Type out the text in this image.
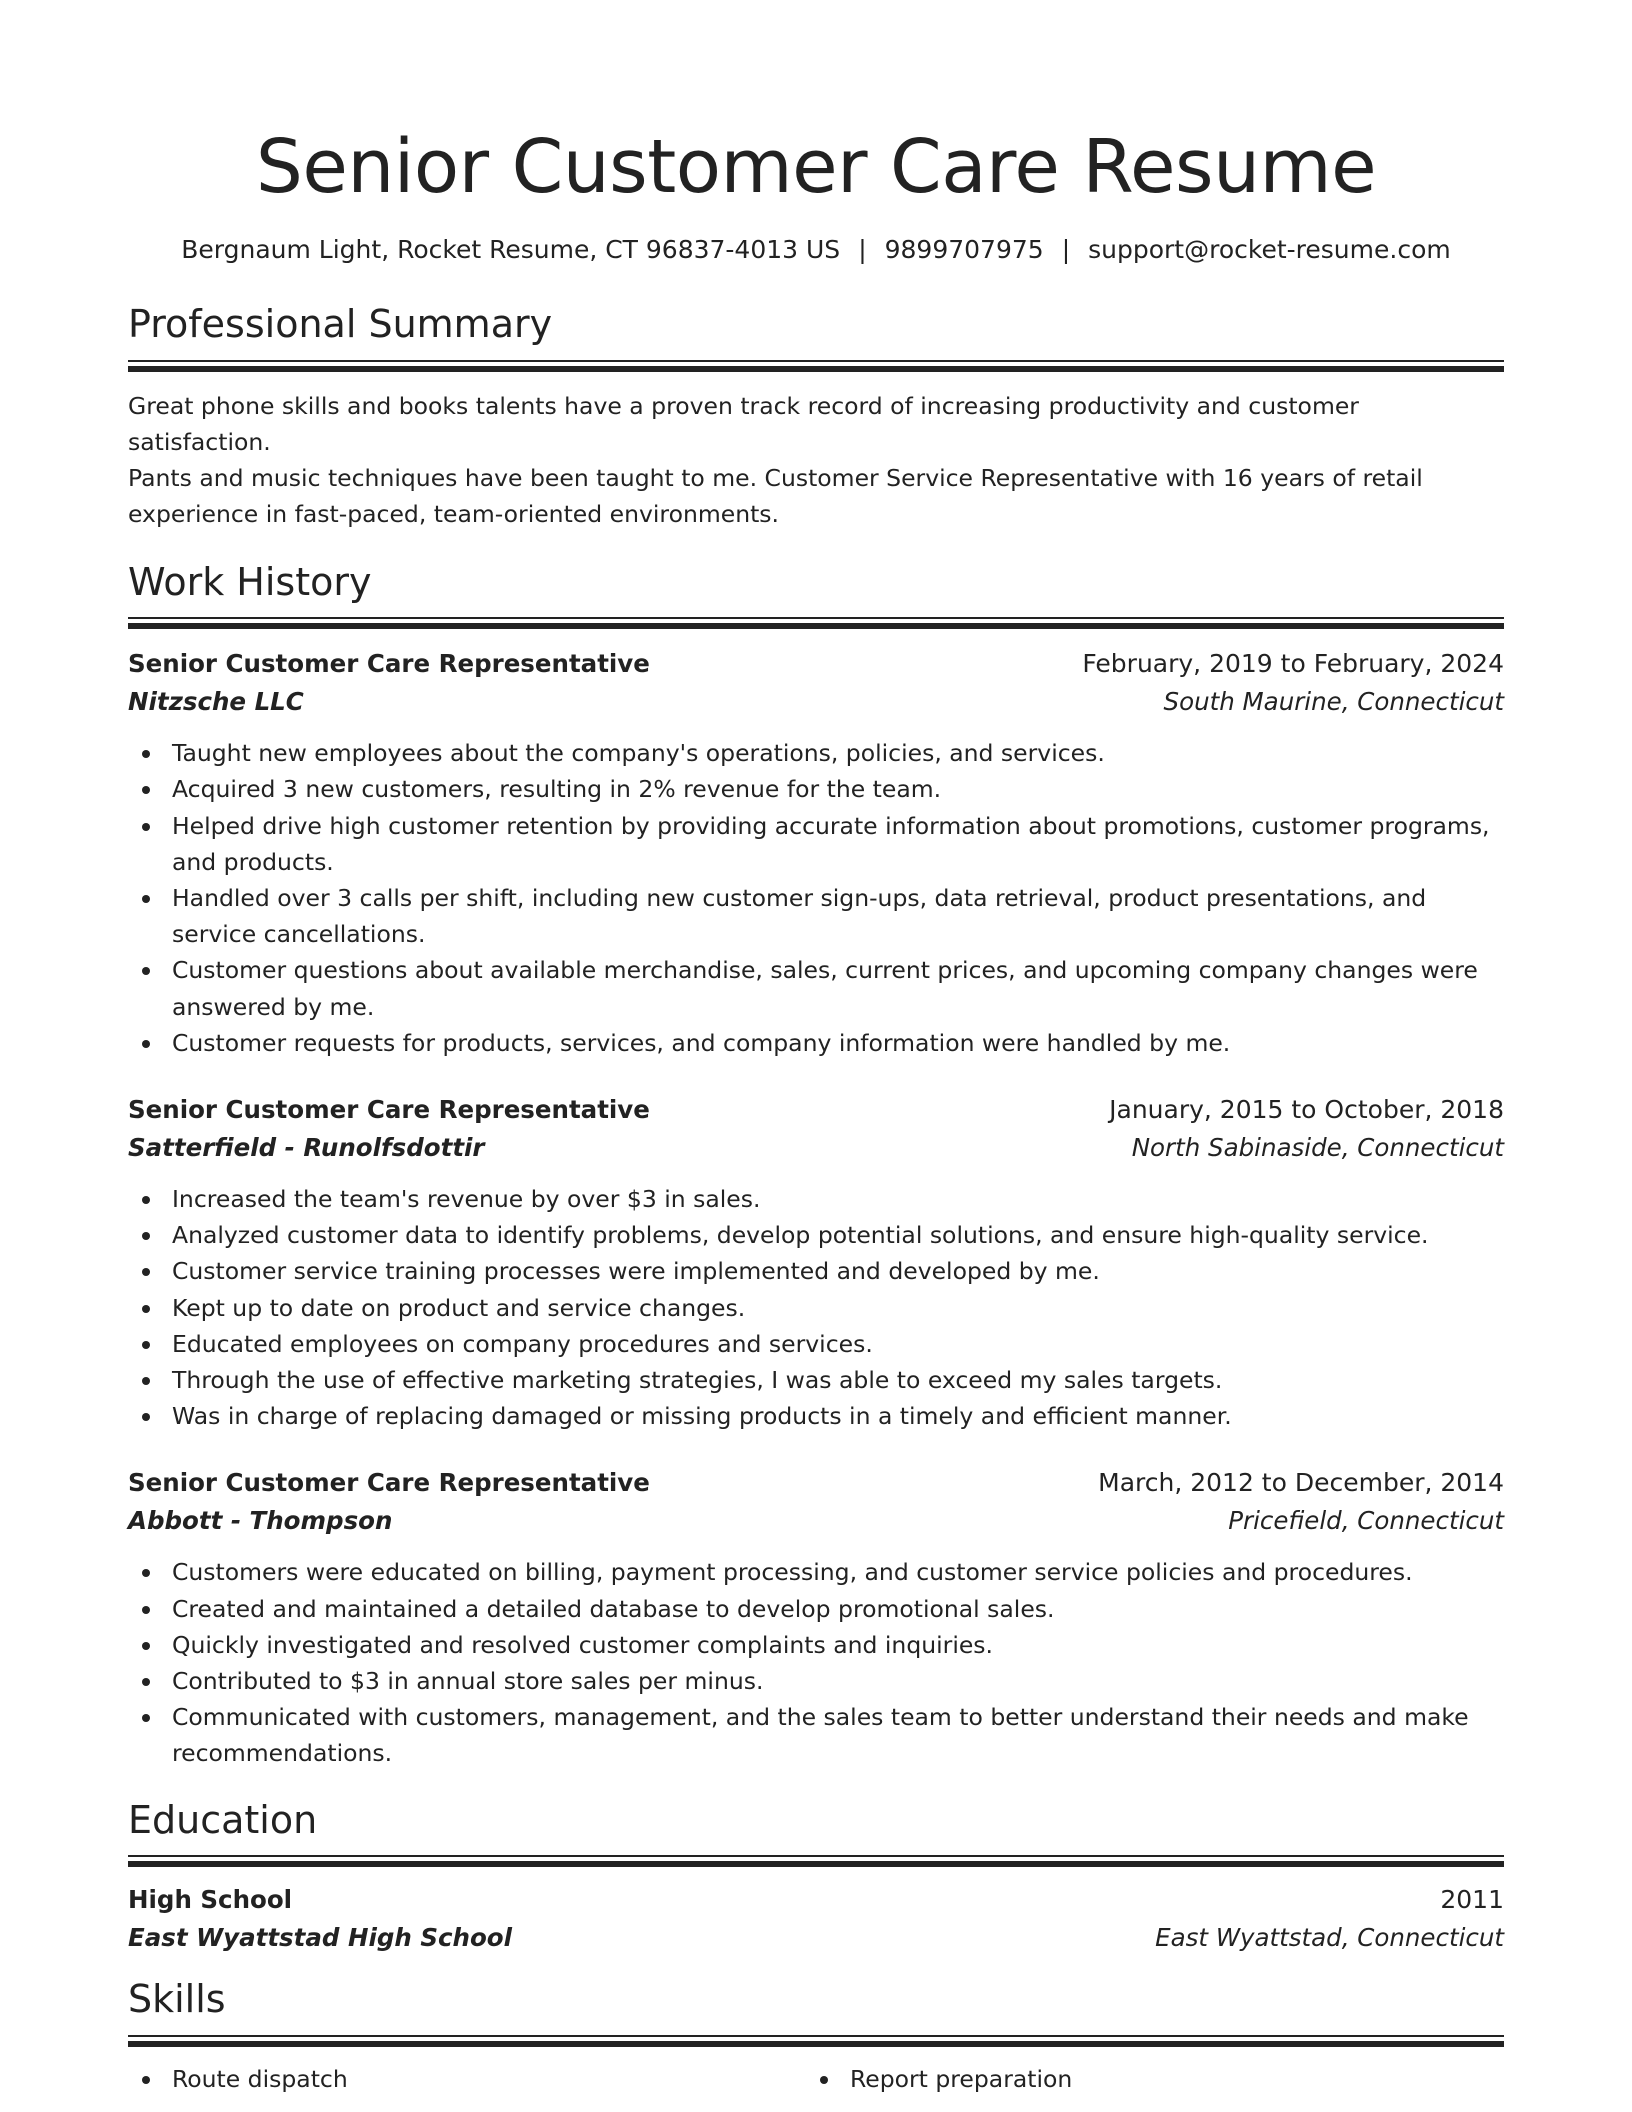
Senior Customer Care Resume
Bergnaum Light, Rocket Resume, CT 96837-4013 US | 9899707975 | support@rocket-resume.com
Professional Summary

Great phone skills and books talents have a proven track record of increasing productivity and customer satisfaction.
Pants and music techniques have been taught to me. Customer Service Representative with 16 years of retail
experience in fast-paced, team-oriented environments.

Work History
Senior Customer Care Representative	February, 2019 to February, 2024
Nitzsche LLC	South Maurine, Connecticut
Taught new employees about the company's operations, policies, and services.
Acquired 3 new customers, resulting in 2% revenue for the team.
Helped drive high customer retention by providing accurate information about promotions, customer programs, and products.
Handled over 3 calls per shift, including new customer sign-ups, data retrieval, product presentations, and service cancellations.
Customer questions about available merchandise, sales, current prices, and upcoming company changes were answered by me.
Customer requests for products, services, and company information were handled by me.
Senior Customer Care Representative	January, 2015 to October, 2018
Satterfield - Runolfsdottir	North Sabinaside, Connecticut
Increased the team's revenue by over $3 in sales.
Analyzed customer data to identify problems, develop potential solutions, and ensure high-quality service.
Customer service training processes were implemented and developed by me.
Kept up to date on product and service changes.
Educated employees on company procedures and services.
Through the use of effective marketing strategies, I was able to exceed my sales targets.
Was in charge of replacing damaged or missing products in a timely and efficient manner.
Senior Customer Care Representative	March, 2012 to December, 2014
Abbott - Thompson	Pricefield, Connecticut
Customers were educated on billing, payment processing, and customer service policies and procedures.
Created and maintained a detailed database to develop promotional sales.
Quickly investigated and resolved customer complaints and inquiries.
Contributed to $3 in annual store sales per minus.
Communicated with customers, management, and the sales team to better understand their needs and make recommendations.
Education
High School	2011
East Wyattstad High School	East Wyattstad, Connecticut
Skills
Route dispatch	Report preparation
